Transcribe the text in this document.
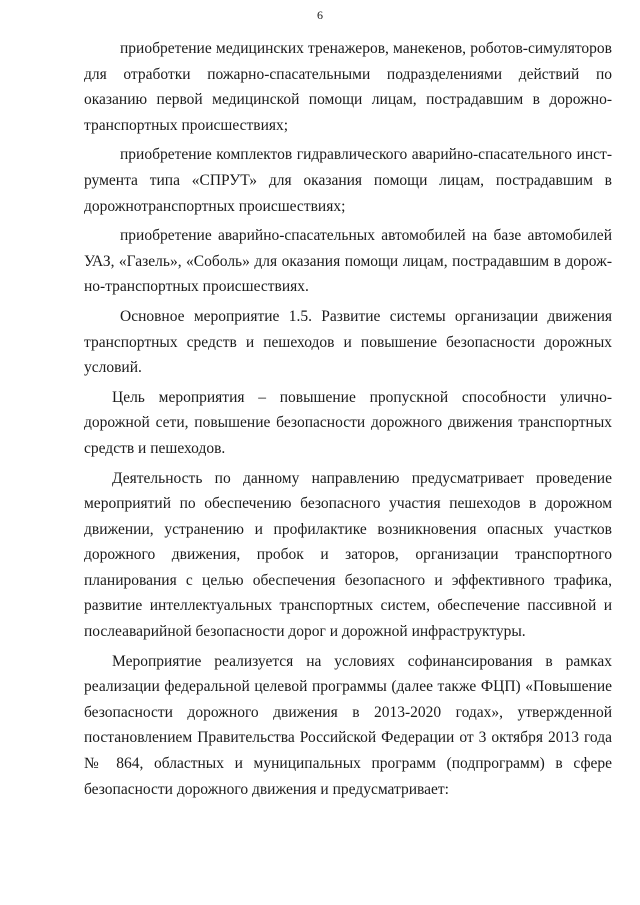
6

приобретение медицинских тренажеров, манекенов, роботов-симуляторов для отработки пожарно-спасательными подразделениями действий по оказанию первой медицинской помощи лицам, пострадавшим в дорожно-транспортных происшествиях;

приобретение комплектов гидравлического аварийно-спасательного инструмента типа «СПРУТ» для оказания помощи лицам, пострадавшим в дорожнотранспортных происшествиях;

приобретение аварийно-спасательных автомобилей на базе автомобилей УАЗ, «Газель», «Соболь» для оказания помощи лицам, пострадавшим в дорожно-транспортных происшествиях.

Основное мероприятие 1.5. Развитие системы организации движения транспортных средств и пешеходов и повышение безопасности дорожных условий.

Цель мероприятия – повышение пропускной способности улично-дорожной сети, повышение безопасности дорожного движения транспортных средств и пешеходов.

Деятельность по данному направлению предусматривает проведение мероприятий по обеспечению безопасного участия пешеходов в дорожном движении, устранению и профилактике возникновения опасных участков дорожного движения, пробок и заторов, организации транспортного планирования с целью обеспечения безопасного и эффективного трафика, развитие интеллектуальных транспортных систем, обеспечение пассивной и послеаварийной безопасности дорог и дорожной инфраструктуры.

Мероприятие реализуется на условиях софинансирования в рамках реализации федеральной целевой программы (далее также ФЦП) «Повышение безопасности дорожного движения в 2013-2020 годах», утвержденной постановлением Правительства Российской Федерации от 3 октября 2013 года № 864, областных и муниципальных программ (подпрограмм) в сфере безопасности дорожного движения и предусматривает:
